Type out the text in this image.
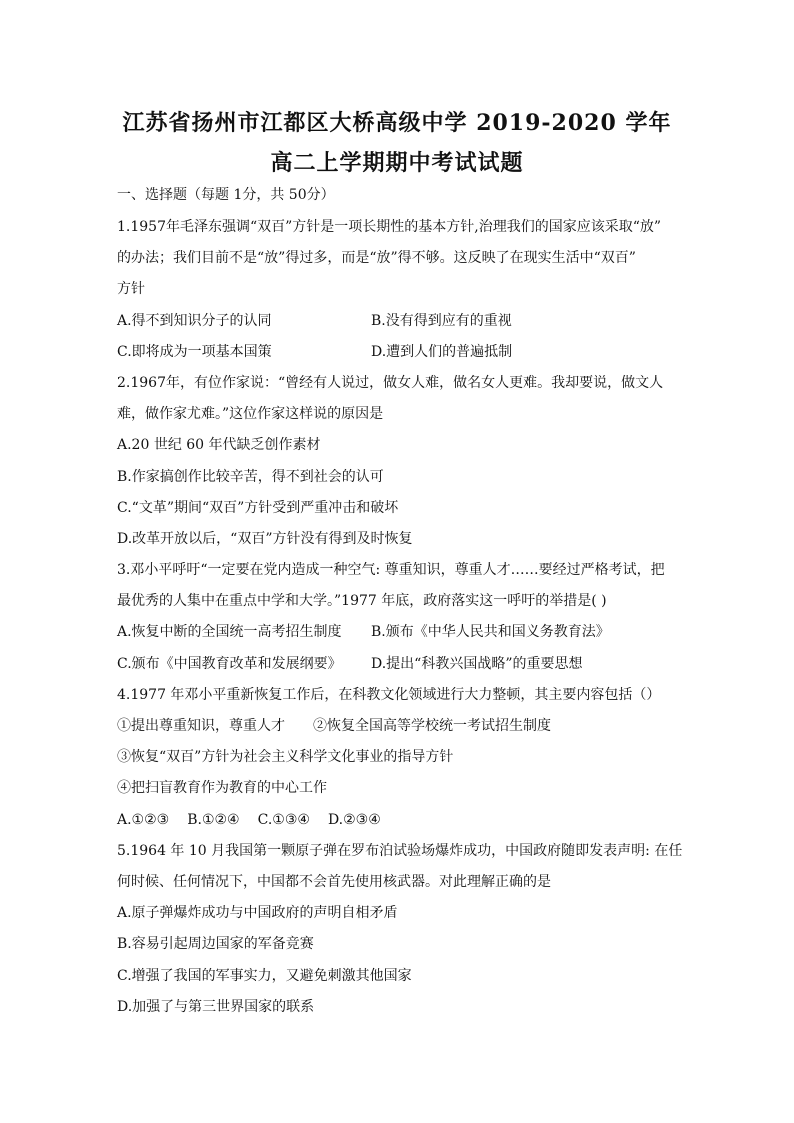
江苏省扬州市江都区大桥高级中学 2019-2020 学年
高二上学期期中考试试题
一、选择题（每题 1分，共 50分）
1.1957年毛泽东强调“双百”方针是一项长期性的基本方针,治理我们的国家应该采取“放”
的办法；我们目前不是“放”得过多，而是“放”得不够。这反映了在现实生活中“双百”
方针
A.得不到知识分子的认同	B.没有得到应有的重视
C.即将成为一项基本国策	D.遭到人们的普遍抵制
2.1967年，有位作家说：“曾经有人说过，做女人难，做名女人更难。我却要说，做文人
难，做作家尤难。”这位作家这样说的原因是
A.20 世纪 60 年代缺乏创作素材
B.作家搞创作比较辛苦，得不到社会的认可
C.“文革”期间“双百”方针受到严重冲击和破坏
D.改革开放以后，“双百”方针没有得到及时恢复
3.邓小平呼吁“一定要在党内造成一种空气: 尊重知识，尊重人才……要经过严格考试，把
最优秀的人集中在重点中学和大学。”1977 年底，政府落实这一呼吁的举措是( )
A.恢复中断的全国统一高考招生制度	B.颁布《中华人民共和国义务教育法》
C.颁布《中国教育改革和发展纲要》	D.提出“科教兴国战略”的重要思想
4.1977 年邓小平重新恢复工作后，在科教文化领域进行大力整顿，其主要内容包括（）
①提出尊重知识，尊重人才 ②恢复全国高等学校统一考试招生制度
③恢复“双百”方针为社会主义科学文化事业的指导方针
④把扫盲教育作为教育的中心工作
A.①②③ B.①②④ C.①③④ D.②③④
5.1964 年 10 月我国第一颗原子弹在罗布泊试验场爆炸成功，中国政府随即发表声明: 在任
何时候、任何情况下，中国都不会首先使用核武器。对此理解正确的是
A.原子弹爆炸成功与中国政府的声明自相矛盾
B.容易引起周边国家的军备竞赛
C.增强了我国的军事实力，又避免刺激其他国家
D.加强了与第三世界国家的联系
